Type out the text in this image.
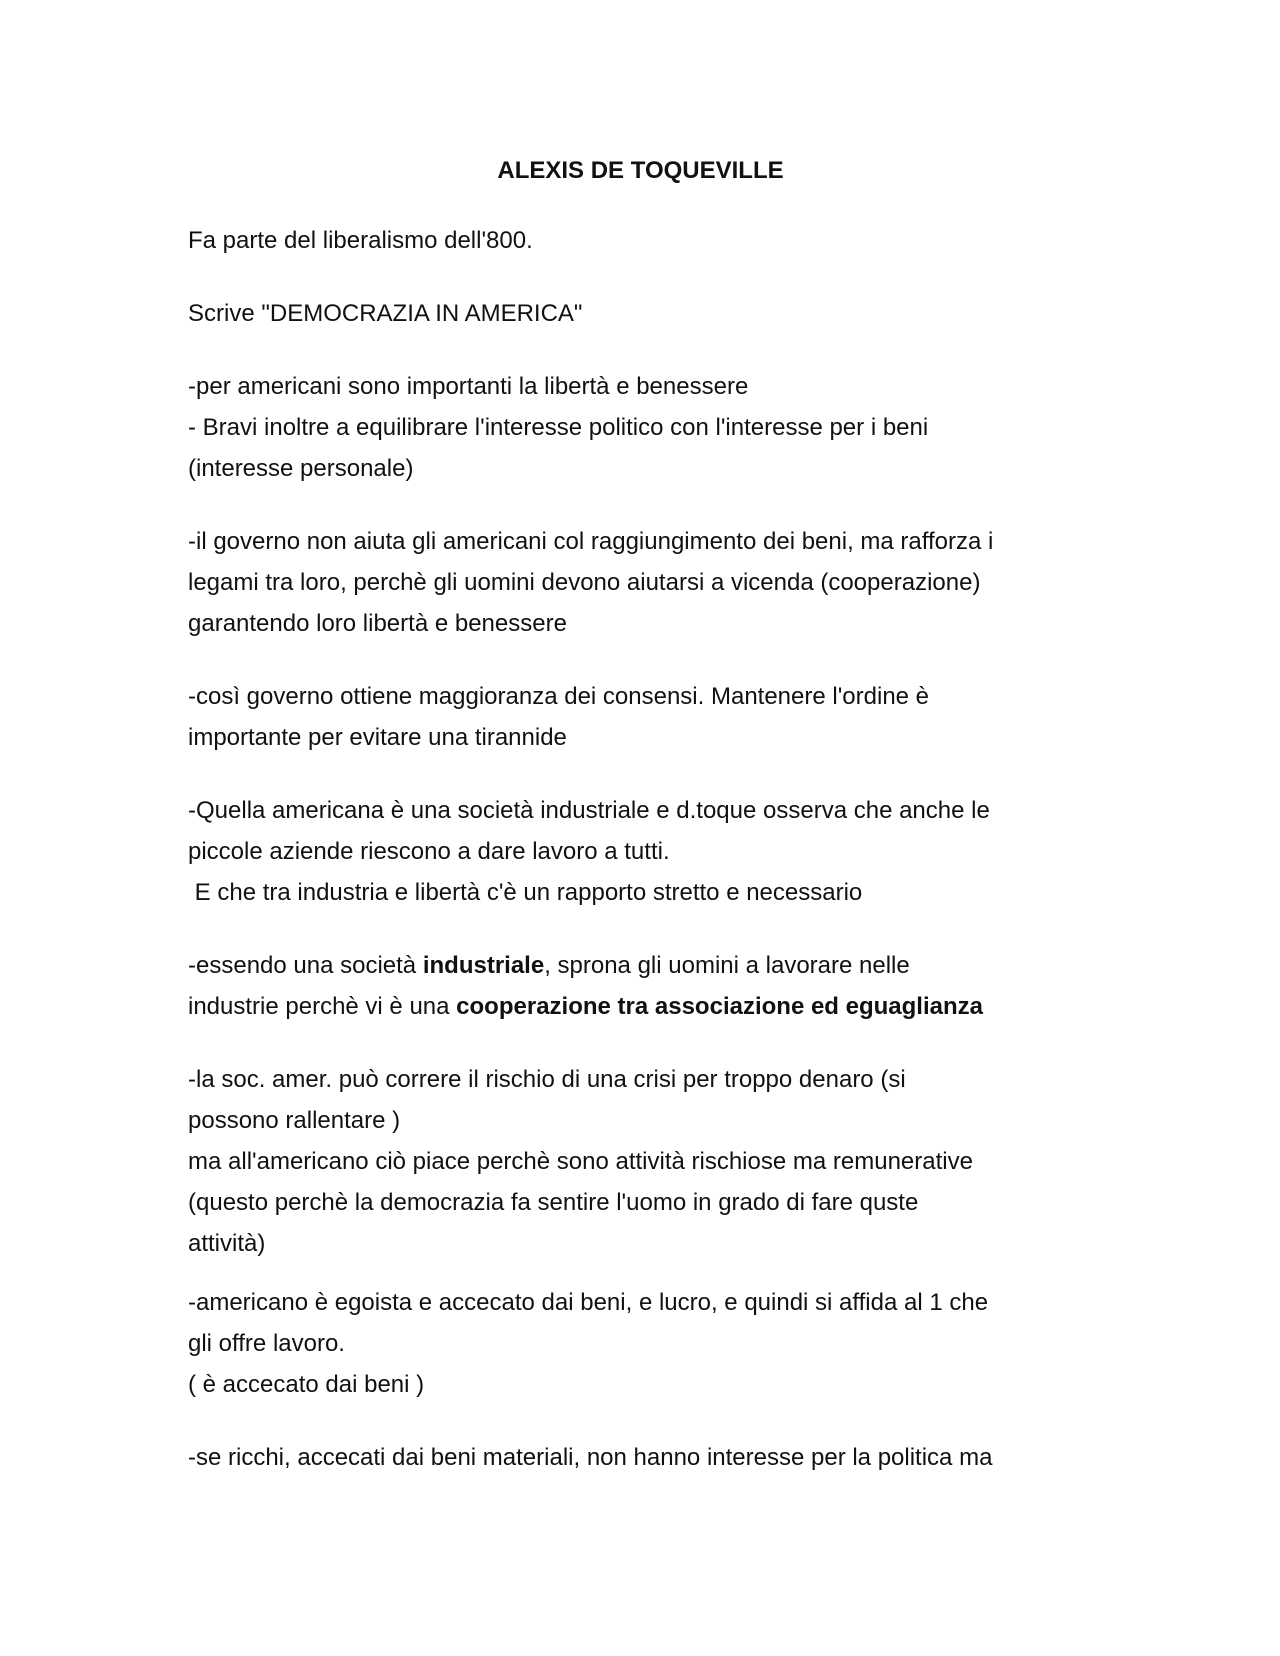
ALEXIS DE TOQUEVILLE
Fa parte del liberalismo dell'800.
Scrive "DEMOCRAZIA IN AMERICA"
-per americani sono importanti la libertà e benessere
- Bravi inoltre a equilibrare l'interesse politico con l'interesse per i beni
(interesse personale)
-il governo non aiuta gli americani col raggiungimento dei beni, ma rafforza i
legami tra loro, perchè gli uomini devono aiutarsi a vicenda (cooperazione)
garantendo loro libertà e benessere
-così governo ottiene maggioranza dei consensi. Mantenere l'ordine è
importante per evitare una tirannide
-Quella americana è una società industriale e d.toque osserva che anche le
piccole aziende riescono a dare lavoro a tutti.
E che tra industria e libertà c'è un rapporto stretto e necessario
-essendo una società industriale, sprona gli uomini a lavorare nelle
industrie perchè vi è una cooperazione tra associazione ed eguaglianza
-la soc. amer. può correre il rischio di una crisi per troppo denaro (si
possono rallentare )
ma all'americano ciò piace perchè sono attività rischiose ma remunerative
(questo perchè la democrazia fa sentire l'uomo in grado di fare quste
attività)
-americano è egoista e accecato dai beni, e lucro, e quindi si affida al 1 che
gli offre lavoro.
( è accecato dai beni )
-se ricchi, accecati dai beni materiali, non hanno interesse per la politica ma
